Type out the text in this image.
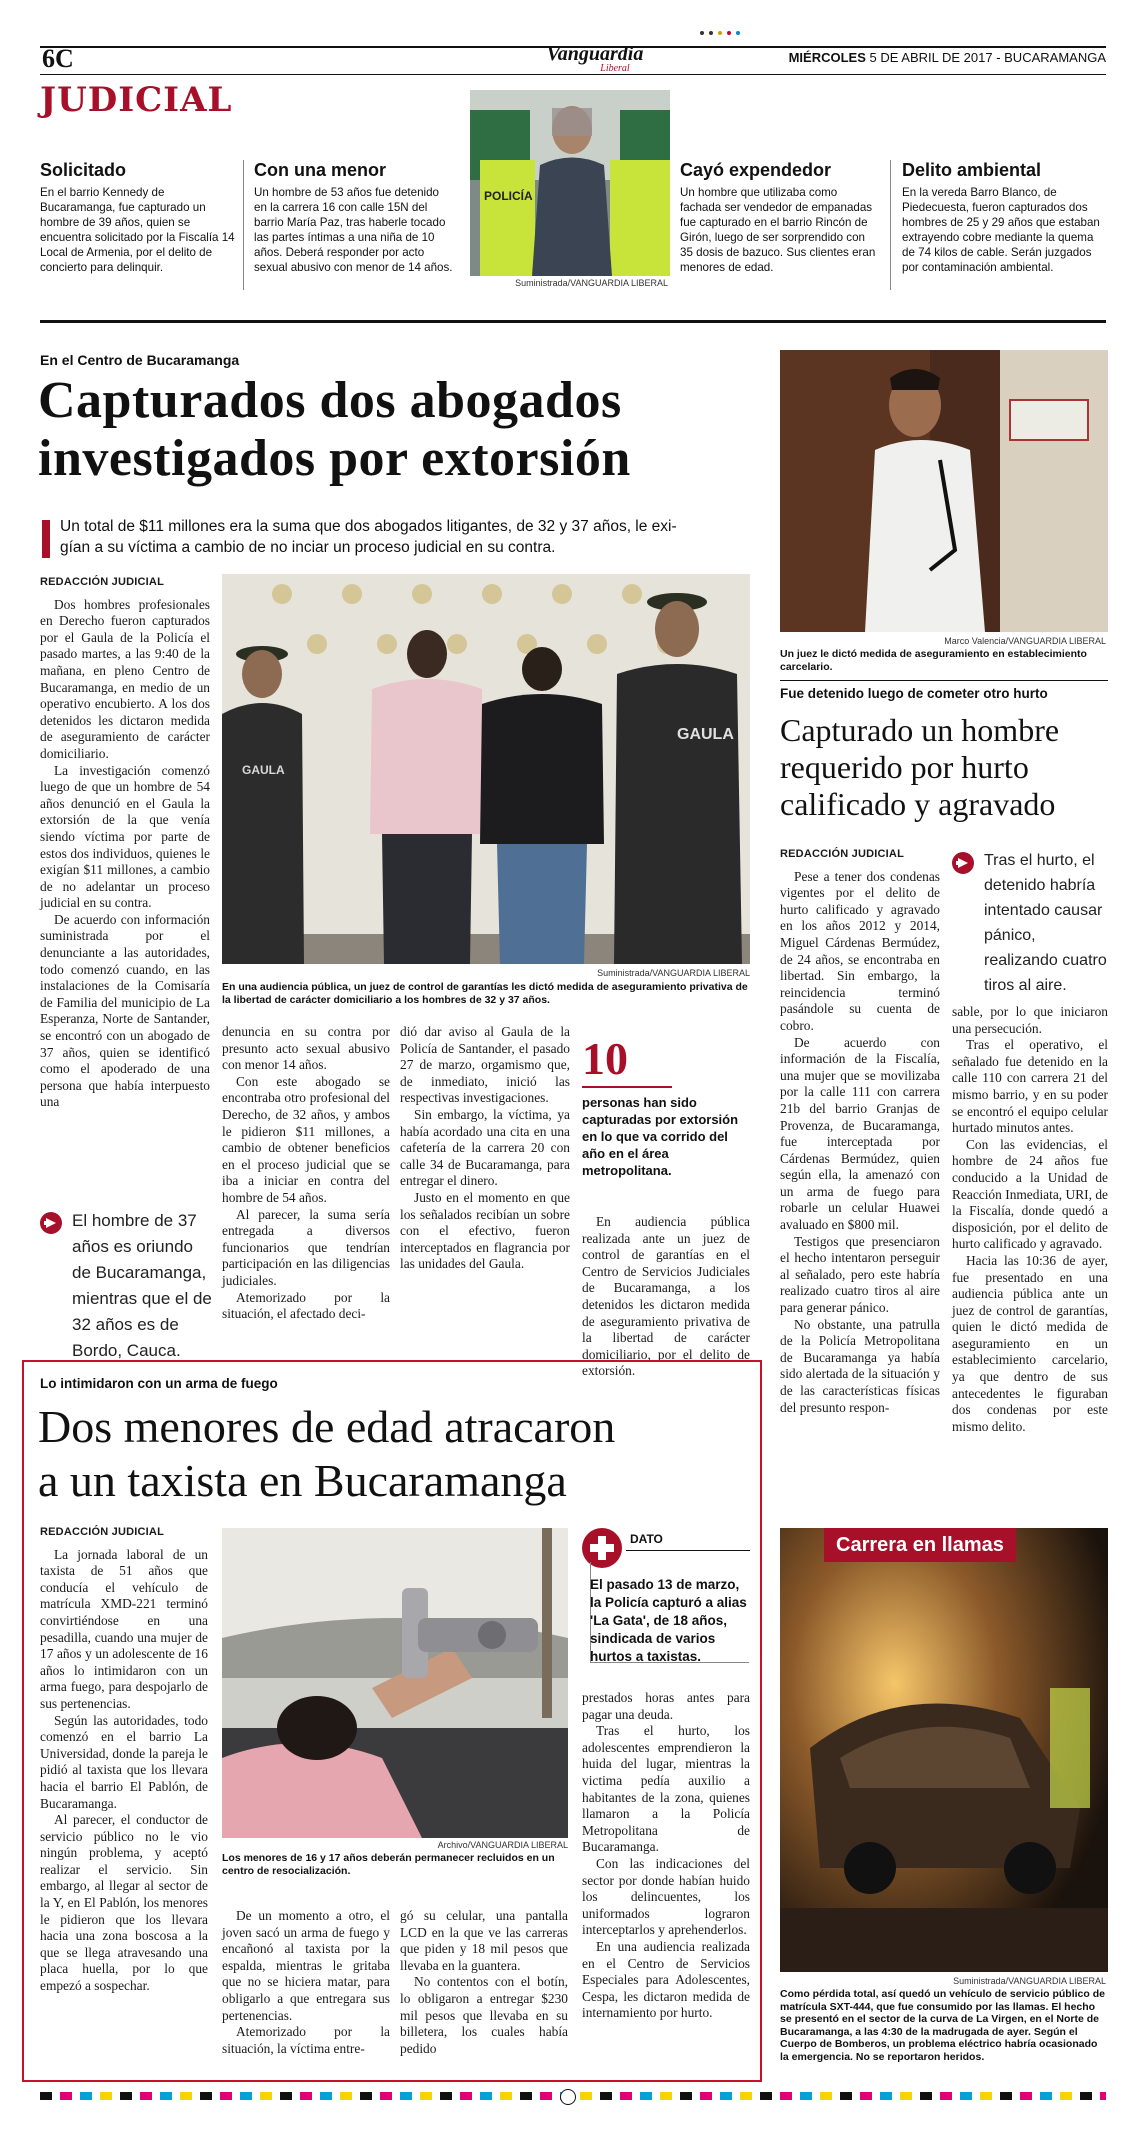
6C	Vanguardia
Liberal
MIÉRCOLES 5 DE ABRIL DE 2017 - BUCARAMANGA
JUDICIAL
Solicitado

En el barrio Kennedy de Bucaramanga, fue capturado un hombre de 39 años, quien se encuentra solicitado por la Fiscalía 14 Local de Armenia, por el delito de concierto para delinquir.

Con una menor

Un hombre de 53 años fue detenido en la carrera 16 con calle 15N del barrio María Paz, tras haberle tocado las partes íntimas a una niña de 10 años. Deberá responder por acto sexual abusivo con menor de 14 años.

POLICÍA
Suministrada/VANGUARDIA LIBERAL
Cayó expendedor

Un hombre que utilizaba como fachada ser vendedor de empanadas fue capturado en el barrio Rincón de Girón, luego de ser sorprendido con 35 dosis de bazuco. Sus clientes eran menores de edad.

Delito ambiental

En la vereda Barro Blanco, de Piedecuesta, fueron capturados dos hombres de 25 y 29 años que estaban extrayendo cobre mediante la quema de 74 kilos de cable. Serán juzgados por contaminación ambiental.

En el Centro de Bucaramanga
Capturados dos abogados
investigados por extorsión
Un total de $11 millones era la suma que dos abogados litigantes, de 32 y 37 años, le exi-
gían a su víctima a cambio de no inciar un proceso judicial en su contra.
REDACCIÓN JUDICIAL

Dos hombres profesionales en Derecho fueron capturados por el Gaula de la Policía el pasado martes, a las 9:40 de la mañana, en pleno Centro de Bucaramanga, en medio de un operativo encubierto. A los dos detenidos les dictaron medida de aseguramiento de carácter domiciliario.

La investigación comenzó luego de que un hombre de 54 años denunció en el Gaula la extorsión de la que venía siendo víctima por parte de estos dos individuos, quienes le exigían $11 millones, a cambio de no adelantar un proceso judicial en su contra.

De acuerdo con información suministrada por el denunciante a las autoridades, todo comenzó cuando, en las instalaciones de la Comisaría de Familia del municipio de La Esperanza, Norte de Santander, se encontró con un abogado de 37 años, quien se identificó como el apoderado de una persona que había interpuesto una

El hombre de 37 años es oriundo de Bucaramanga, mientras que el de 32 años es de Bordo, Cauca.
GAULA
GAULA
Suministrada/VANGUARDIA LIBERAL
En una audiencia pública, un juez de control de garantías les dictó medida de aseguramiento privativa de la libertad de carácter domiciliario a los hombres de 32 y 37 años.

denuncia en su contra por presunto acto sexual abusivo con menor 14 años.

Con este abogado se encontraba otro profesional del Derecho, de 32 años, y ambos le pidieron $11 millones, a cambio de obtener beneficios en el proceso judicial que se iba a iniciar en contra del hombre de 54 años.

Al parecer, la suma sería entregada a diversos funcionarios que tendrían participación en las diligencias judiciales.

Atemorizado por la situación, el afectado deci-

dió dar aviso al Gaula de la Policía de Santander, el pasado 27 de marzo, orgamismo que, de inmediato, inició las respectivas investigaciones.

Sin embargo, la víctima, ya había acordado una cita en una cafetería de la carrera 20 con calle 34 de Bucaramanga, para entregar el dinero.

Justo en el momento en que los señalados recibían un sobre con el efectivo, fueron interceptados en flagrancia por las unidades del Gaula.

10
personas han sido capturadas por extorsión en lo que va corrido del año en el área metropolitana.

En audiencia pública realizada ante un juez de control de garantías en el Centro de Servicios Judiciales de Bucaramanga, a los detenidos les dictaron medida de aseguramiento privativa de la libertad de carácter domiciliario, por el delito de extorsión.

Marco Valencia/VANGUARDIA LIBERAL
Un juez le dictó medida de aseguramiento en establecimiento carcelario.
Fue detenido luego de cometer otro hurto
Capturado un hombre
requerido por hurto
calificado y agravado
REDACCIÓN JUDICIAL

Pese a tener dos condenas vigentes por el delito de hurto calificado y agravado en los años 2012 y 2014, Miguel Cárdenas Bermúdez, de 24 años, se encontraba en libertad. Sin embargo, la reincidencia terminó pasándole su cuenta de cobro.

De acuerdo con información de la Fiscalía, una mujer que se movilizaba por la calle 111 con carrera 21b del barrio Granjas de Provenza, de Bucaramanga, fue interceptada por Cárdenas Bermúdez, quien según ella, la amenazó con un arma de fuego para robarle un celular Huawei avaluado en $800 mil.

Testigos que presenciaron el hecho intentaron perseguir al señalado, pero este habría realizado cuatro tiros al aire para generar pánico.

No obstante, una patrulla de la Policía Metropolitana de Bucaramanga ya había sido alertada de la situación y de las características físicas del presunto respon-

Tras el hurto, el detenido habría intentado causar pánico, realizando cuatro tiros al aire.

sable, por lo que iniciaron una persecución.

Tras el operativo, el señalado fue detenido en la calle 110 con carrera 21 del mismo barrio, y en su poder se encontró el equipo celular hurtado minutos antes.

Con las evidencias, el hombre de 24 años fue conducido a la Unidad de Reacción Inmediata, URI, de la Fiscalía, donde quedó a disposición, por el delito de hurto calificado y agravado.

Hacia las 10:36 de ayer, fue presentado en una audiencia pública ante un juez de control de garantías, quien le dictó medida de aseguramiento en un establecimiento carcelario, ya que dentro de sus antecedentes le figuraban dos condenas por este mismo delito.

Lo intimidaron con un arma de fuego
Dos menores de edad atracaron
a un taxista en Bucaramanga
REDACCIÓN JUDICIAL

La jornada laboral de un taxista de 51 años que conducía el vehículo de matrícula XMD-221 terminó convirtiéndose en una pesadilla, cuando una mujer de 17 años y un adolescente de 16 años lo intimidaron con un arma fuego, para despojarlo de sus pertenencias.

Según las autoridades, todo comenzó en el barrio La Universidad, donde la pareja le pidió al taxista que los llevara hacia el barrio El Pablón, de Bucaramanga.

Al parecer, el conductor de servicio público no le vio ningún problema, y aceptó realizar el servicio. Sin embargo, al llegar al sector de la Y, en El Pablón, los menores le pidieron que los llevara hacia una zona boscosa a la que se llega atravesando una placa huella, por lo que empezó a sospechar.

Archivo/VANGUARDIA LIBERAL
Los menores de 16 y 17 años deberán permanecer recluidos en un centro de resocialización.
DATO
El pasado 13 de marzo, la Policía capturó a alias 'La Gata', de 18 años, sindicada de varios hurtos a taxistas.

prestados horas antes para pagar una deuda.

Tras el hurto, los adolescentes emprendieron la huida del lugar, mientras la victima pedía auxilio a habitantes de la zona, quienes llamaron a la Policía Metropolitana de Bucaramanga.

Con las indicaciones del sector por donde habían huido los delincuentes, los uniformados lograron interceptarlos y aprehenderlos.

En una audiencia realizada en el Centro de Servicios Especiales para Adolescentes, Cespa, les dictaron medida de internamiento por hurto.

De un momento a otro, el joven sacó un arma de fuego y encañonó al taxista por la espalda, mientras le gritaba que no se hiciera matar, para obligarlo a que entregara sus pertenencias.

Atemorizado por la situación, la víctima entre-

gó su celular, una pantalla LCD en la que ve las carreras que piden y 18 mil pesos que llevaba en la guantera.

No contentos con el botín, lo obligaron a entregar $230 mil pesos que llevaba en su billetera, los cuales había pedido

Carrera en llamas
Suministrada/VANGUARDIA LIBERAL
Como pérdida total, así quedó un vehículo de servicio público de matrícula SXT-444, que fue consumido por las llamas. El hecho se presentó en el sector de la curva de La Virgen, en el Norte de Bucaramanga, a las 4:30 de la madrugada de ayer. Según el Cuerpo de Bomberos, un problema eléctrico habría ocasionado la emergencia. No se reportaron heridos.
